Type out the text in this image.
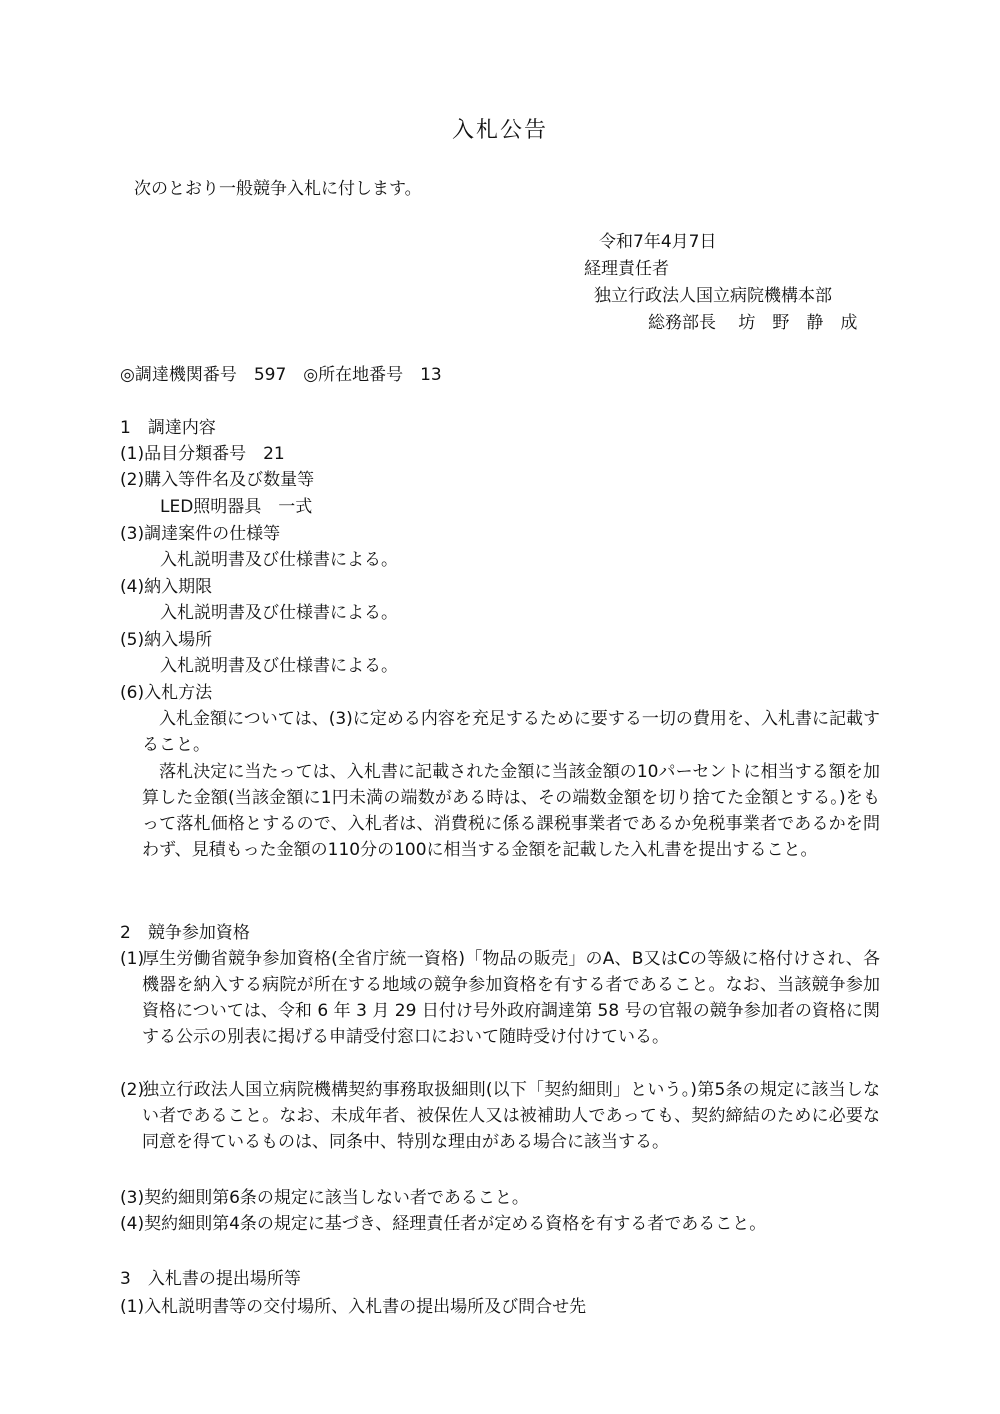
入札公告
次のとおり一般競争入札に付します。
令和7年4月7日
経理責任者
独立行政法人国立病院機構本部
総務部長　 坊　野　静　成
◎調達機関番号　597　◎所在地番号　13
1　調達内容
(1)品目分類番号　21
(2)購入等件名及び数量等
LED照明器具　一式
(3)調達案件の仕様等
入札説明書及び仕様書による。
(4)納入期限
入札説明書及び仕様書による。
(5)納入場所
入札説明書及び仕様書による。
(6)入札方法
　入札金額については、(3)に定める内容を充足するために要する一切の費用を、入札書に記載すること。
　落札決定に当たっては、入札書に記載された金額に当該金額の10パーセントに相当する額を加算した金額(当該金額に1円未満の端数がある時は、その端数金額を切り捨てた金額とする。)をもって落札価格とするので、入札者は、消費税に係る課税事業者であるか免税事業者であるかを問わず、見積もった金額の110分の100に相当する金額を記載した入札書を提出すること。
2　競争参加資格
(1)
厚生労働省競争参加資格(全省庁統一資格)「物品の販売」のA、B又はCの等級に格付けされ、各機器を納入する病院が所在する地域の競争参加資格を有する者であること。なお、当該競争参加資格については、令和 6 年 3 月 29 日付け号外政府調達第 58 号の官報の競争参加者の資格に関する公示の別表に掲げる申請受付窓口において随時受け付けている。
(2)
独立行政法人国立病院機構契約事務取扱細則(以下「契約細則」という。)第5条の規定に該当しない者であること。なお、未成年者、被保佐人又は被補助人であっても、契約締結のために必要な同意を得ているものは、同条中、特別な理由がある場合に該当する。
(3)契約細則第6条の規定に該当しない者であること。
(4)契約細則第4条の規定に基づき、経理責任者が定める資格を有する者であること。
3　入札書の提出場所等
(1)入札説明書等の交付場所、入札書の提出場所及び問合せ先
